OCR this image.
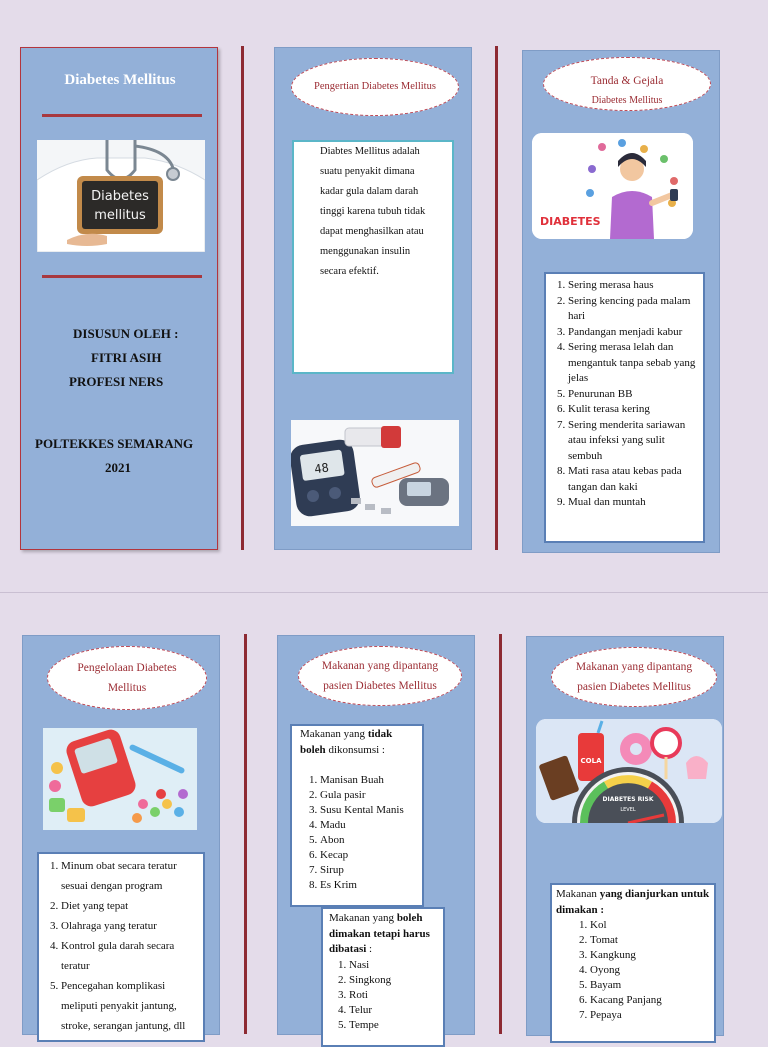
Diabetes Mellitus
Diabetes
mellitus
DISUSUN OLEH :
FITRI ASIH
PROFESI NERS
POLTEKKES SEMARANG
2021
Pengertian Diabetes Mellitus
Diabtes Mellitus adalah
suatu penyakit dimana
kadar gula dalam darah
tinggi karena tubuh tidak
dapat menghasilkan atau
menggunakan insulin
secara efektif.
48
Tanda & Gejala
Diabetes Mellitus
DIABETES
1. Sering merasa haus
2. Sering kencing pada malam hari
3. Pandangan menjadi kabur
4. Sering merasa lelah dan mengantuk tanpa sebab yang jelas
5. Penurunan BB
6. Kulit terasa kering
7. Sering menderita sariawan atau infeksi yang sulit sembuh
8. Mati rasa atau kebas pada tangan dan kaki
9. Mual dan muntah
Pengelolaan Diabetes
Mellitus
1. Minum obat secara teratur sesuai dengan program
2. Diet yang tepat
3. Olahraga yang teratur
4. Kontrol gula darah secara teratur
5. Pencegahan komplikasi meliputi penyakit jantung, stroke, serangan jantung, dll
Makanan yang dipantang
pasien Diabetes Mellitus
Makanan yang tidak boleh dikonsumsi :
1. Manisan Buah
2. Gula pasir
3. Susu Kental Manis
4. Madu
5. Abon
6. Kecap
7. Sirup
8. Es Krim
Makanan yang boleh dimakan tetapi harus dibatasi :
1. Nasi
2. Singkong
3. Roti
4. Telur
5. Tempe
Makanan yang dipantang
pasien Diabetes Mellitus
COLA
DIABETES RISK
LEVEL
Makanan yang dianjurkan untuk dimakan :
1. Kol
2. Tomat
3. Kangkung
4. Oyong
5. Bayam
6. Kacang Panjang
7. Pepaya
